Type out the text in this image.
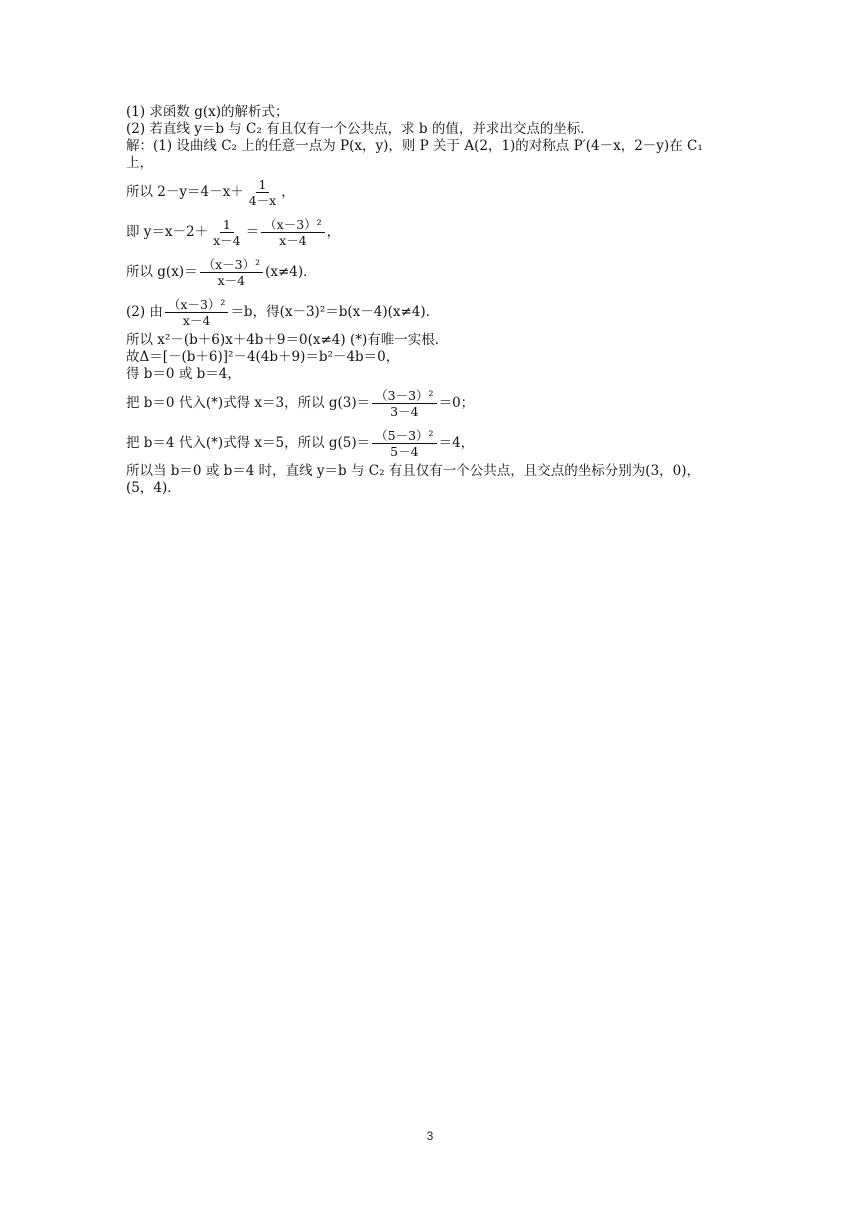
(1) 求函数 g(x)的解析式；
(2) 若直线 y＝b 与 C₂ 有且仅有一个公共点，求 b 的值，并求出交点的坐标．
解：(1) 设曲线 C₂ 上的任意一点为 P(x，y)，则 P 关于 A(2，1)的对称点 P′(4－x，2－y)在 C₁
上，
所以 $2-y=4-x+ \frac{1}{4-x}$ ，
即 $y=x-2+ \frac{1}{x-4} = \frac{\text{（x－3）²}}{x-4}$ ，
所以 $g(x)= \frac{\text{（x－3）²}}{x-4} (x\ne 4)$．
(2) 由 $\frac{\text{（x－3）²}}{x-4} =b$，得(x－3)²＝b(x－4)(x≠4)．
所以 x²－(b＋6)x＋4b＋9＝0(x≠4) (*)有唯一实根．
故Δ＝[－(b＋6)]²－4(4b＋9)＝b²－4b＝0，
得 b＝0 或 b＝4，
把 b＝0 代入(*)式得 x＝3，所以 $g(3)= \frac{\text{（3－3）²}}{3-4} =0$；
把 b＝4 代入(*)式得 x＝5，所以 $g(5)= \frac{\text{（5－3）²}}{5-4} =4$，
所以当 b＝0 或 b＝4 时，直线 y＝b 与 C₂ 有且仅有一个公共点，且交点的坐标分别为(3，0)，
(5，4)．
3
